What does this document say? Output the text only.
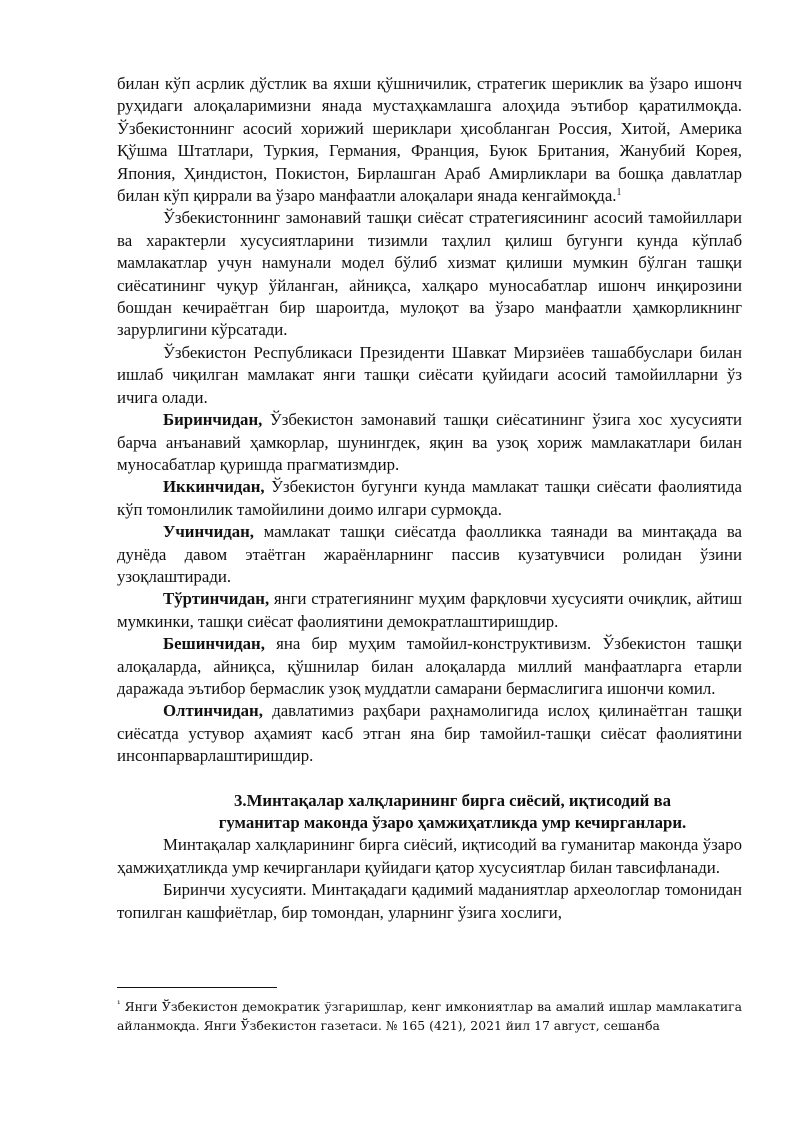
билан кўп асрлик дўстлик ва яхши қўшничилик, стратегик шериклик ва ўзаро ишонч руҳидаги алоқаларимизни янада мустаҳкамлашга алоҳида эътибор қаратилмоқда. Ўзбекистоннинг асосий хорижий шериклари ҳисобланган Россия, Хитой, Америка Қўшма Штатлари, Туркия, Германия, Франция, Буюк Британия, Жанубий Корея, Япония, Ҳиндистон, Покистон, Бирлашган Араб Амирликлари ва бошқа давлатлар билан кўп қиррали ва ўзаро манфаатли алоқалари янада кенгаймоқда.$^1$

Ўзбекистоннинг замонавий ташқи сиёсат стратегиясининг асосий тамойиллари ва характерли хусусиятларини тизимли таҳлил қилиш бугунги кунда кўплаб мамлакатлар учун намунали модел бўлиб хизмат қилиши мумкин бўлган ташқи сиёсатининг чуқур ўйланган, айниқса, халқаро муносабатлар ишонч инқирозини бошдан кечираётган бир шароитда, мулоқот ва ўзаро манфаатли ҳамкорликнинг зарурлигини кўрсатади.

Ўзбекистон Республикаси Президенти Шавкат Мирзиёев ташаббуслари билан ишлаб чиқилган мамлакат янги ташқи сиёсати қуйидаги асосий тамойилларни ўз ичига олади.

Биринчидан, Ўзбекистон замонавий ташқи сиёсатининг ўзига хос хусусияти барча анъанавий ҳамкорлар, шунингдек, яқин ва узоқ хориж мамлакатлари билан муносабатлар қуришда прагматизмдир.

Иккинчидан, Ўзбекистон бугунги кунда мамлакат ташқи сиёсати фаолиятида кўп томонлилик тамойилини доимо илгари сурмоқда.

Учинчидан, мамлакат ташқи сиёсатда фаолликка таянади ва минтақада ва дунёда давом этаётган жараёнларнинг пассив кузатувчиси ролидан ўзини узоқлаштиради.

Тўртинчидан, янги стратегиянинг муҳим фарқловчи хусусияти очиқлик, айтиш мумкинки, ташқи сиёсат фаолиятини демократлаштиришдир.

Бешинчидан, яна бир муҳим тамойил-конструктивизм. Ўзбекистон ташқи алоқаларда, айниқса, қўшнилар билан алоқаларда миллий манфаатларга етарли даражада эътибор бермаслик узоқ муддатли самарани бермаслигига ишончи комил.

Олтинчидан, давлатимиз раҳбари раҳнамолигида ислоҳ қилинаётган ташқи сиёсатда устувор аҳамият касб этган яна бир тамойил-ташқи сиёсат фаолиятини инсонпарварлаштиришдир.

3.Минтақалар халқларининг бирга сиёсий, иқтисодий ва
гуманитар маконда ўзаро ҳамжиҳатликда умр кечирганлари.

Минтақалар халқларининг бирга сиёсий, иқтисодий ва гуманитар маконда ўзаро ҳамжиҳатликда умр кечирганлари қуйидаги қатор хусусиятлар билан тавсифланади.

Биринчи хусусияти. Минтақадаги қадимий маданиятлар археологлар томонидан топилган кашфиётлар, бир томондан, уларнинг ўзига хослиги,

$^{^1}$ Янги Ўзбекистон демократик ўзгаришлар, кенг имкониятлар ва амалий ишлар мамлакатига айланмоқда. Янги Ўзбекистон газетаси. № 165 (421), 2021 йил 17 август, сешанба
